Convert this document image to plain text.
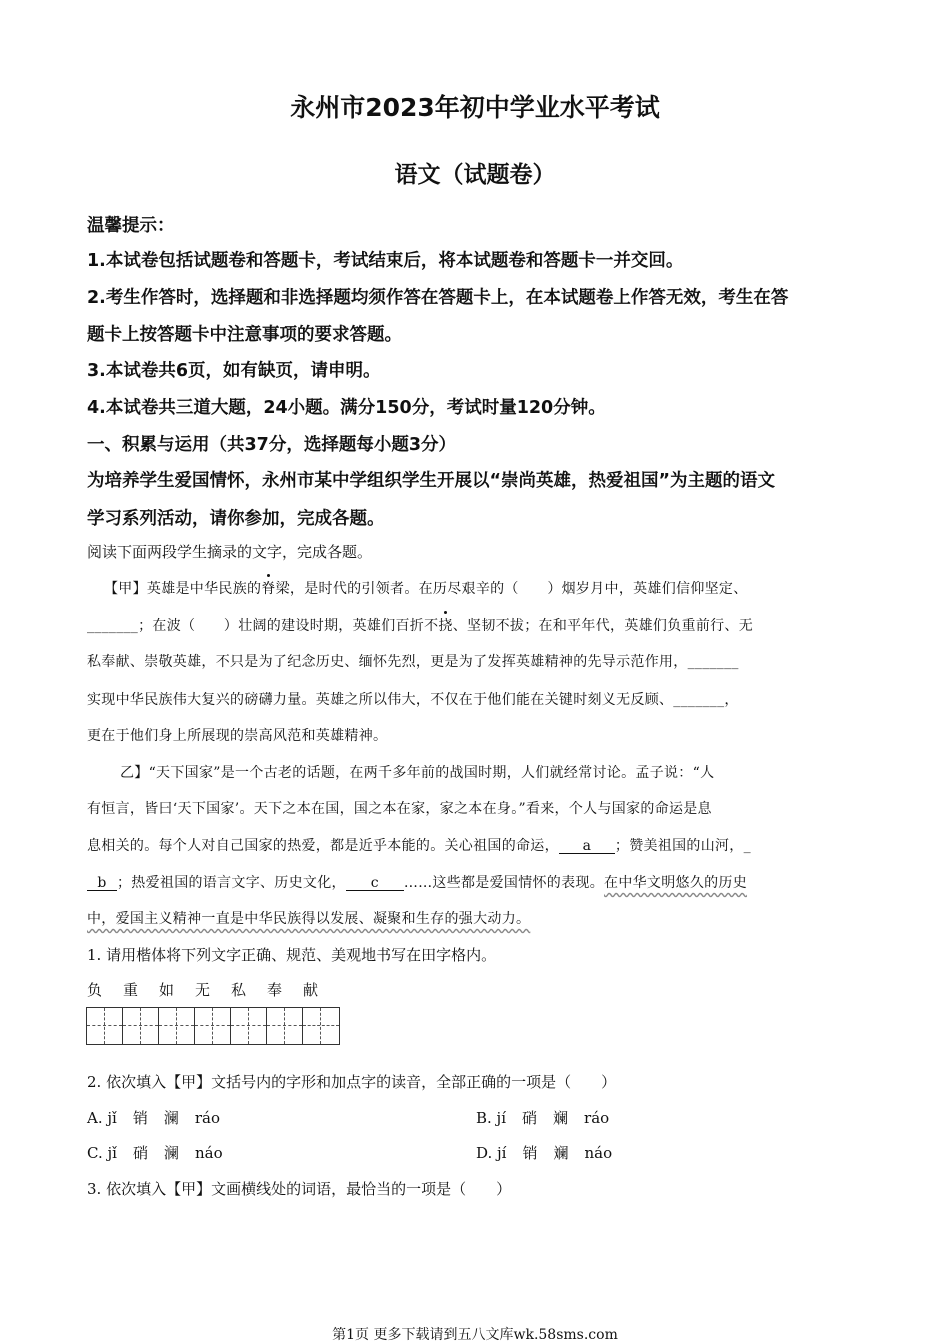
永州市2023年初中学业水平考试
语文（试题卷）
温馨提示：
1.本试卷包括试题卷和答题卡，考试结束后，将本试题卷和答题卡一并交回。
2.考生作答时，选择题和非选择题均须作答在答题卡上，在本试题卷上作答无效，考生在答
题卡上按答题卡中注意事项的要求答题。
3.本试卷共6页，如有缺页，请申明。
4.本试卷共三道大题，24小题。满分150分，考试时量120分钟。
一、积累与运用（共37分，选择题每小题3分）
为培养学生爱国情怀，永州市某中学组织学生开展以“崇尚英雄，热爱祖国”为主题的语文
学习系列活动，请你参加，完成各题。
阅读下面两段学生摘录的文字，完成各题。
【甲】英雄是中华民族的脊梁，是时代的引领者。在历尽艰辛的（　　）烟岁月中，英雄们信仰坚定、
_______；在波（　　）壮阔的建设时期，英雄们百折不挠、坚韧不拔；在和平年代，英雄们负重前行、无
私奉献、崇敬英雄，不只是为了纪念历史、缅怀先烈，更是为了发挥英雄精神的先导示范作用，_______
实现中华民族伟大复兴的磅礴力量。英雄之所以伟大，不仅在于他们能在关键时刻义无反顾、_______，
更在于他们身上所展现的崇高风范和英雄精神。
乙】“天下国家”是一个古老的话题，在两千多年前的战国时期，人们就经常讨论。孟子说：“人
有恒言，皆曰‘天下国家’。天下之本在国，国之本在家，家之本在身。”看来，个人与国家的命运是息
息相关的。每个人对自己国家的热爱，都是近乎本能的。关心祖国的命运， a ；赞美祖国的山河，_
b ；热爱祖国的语言文字、历史文化， c ……这些都是爱国情怀的表现。在中华文明悠久的历史
中，爱国主义精神一直是中华民族得以发展、凝聚和生存的强大动力。
1. 请用楷体将下列文字正确、规范、美观地书写在田字格内。
负 重 如 无 私 奉 献
2. 依次填入【甲】文括号内的字形和加点字的读音，全部正确的一项是（　　）
A. jǐ 销 澜 ráo	B. jí 硝 斓 ráo
C. jǐ 硝 澜 náo	D. jí 销 斓 náo
3. 依次填入【甲】文画横线处的词语，最恰当的一项是（　　）
第1页 更多下载请到五八文库wk.58sms.com
